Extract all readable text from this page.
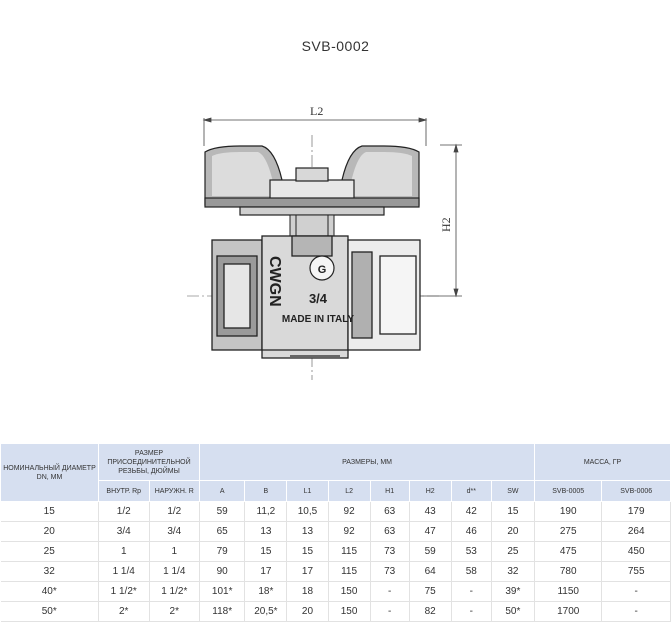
SVB-0002
L2
H2
G
CWGN 3/4
MADE IN ITALY
НОМИНАЛЬНЫЙ ДИАМЕТР DN, ММ	РАЗМЕР ПРИСОЕДИНИТЕЛЬНОЙ РЕЗЬБЫ, ДЮЙМЫ		РАЗМЕРЫ, ММ								МАССА, ГР	
	ВНУТР. Rp	НАРУЖН. R	A	B	L1	L2	H1	H2	d**	SW	SVB-0005	SVB-0006
15	1/2	1/2	59	11,2	10,5	92	63	43	42	15	190	179
20	3/4	3/4	65	13	13	92	63	47	46	20	275	264
25	1	1	79	15	15	115	73	59	53	25	475	450
32	1 1/4	1 1/4	90	17	17	115	73	64	58	32	780	755
40*	1 1/2*	1 1/2*	101*	18*	18	150	-	75	-	39*	1150	-
50*	2*	2*	118*	20,5*	20	150	-	82	-	50*	1700	-
